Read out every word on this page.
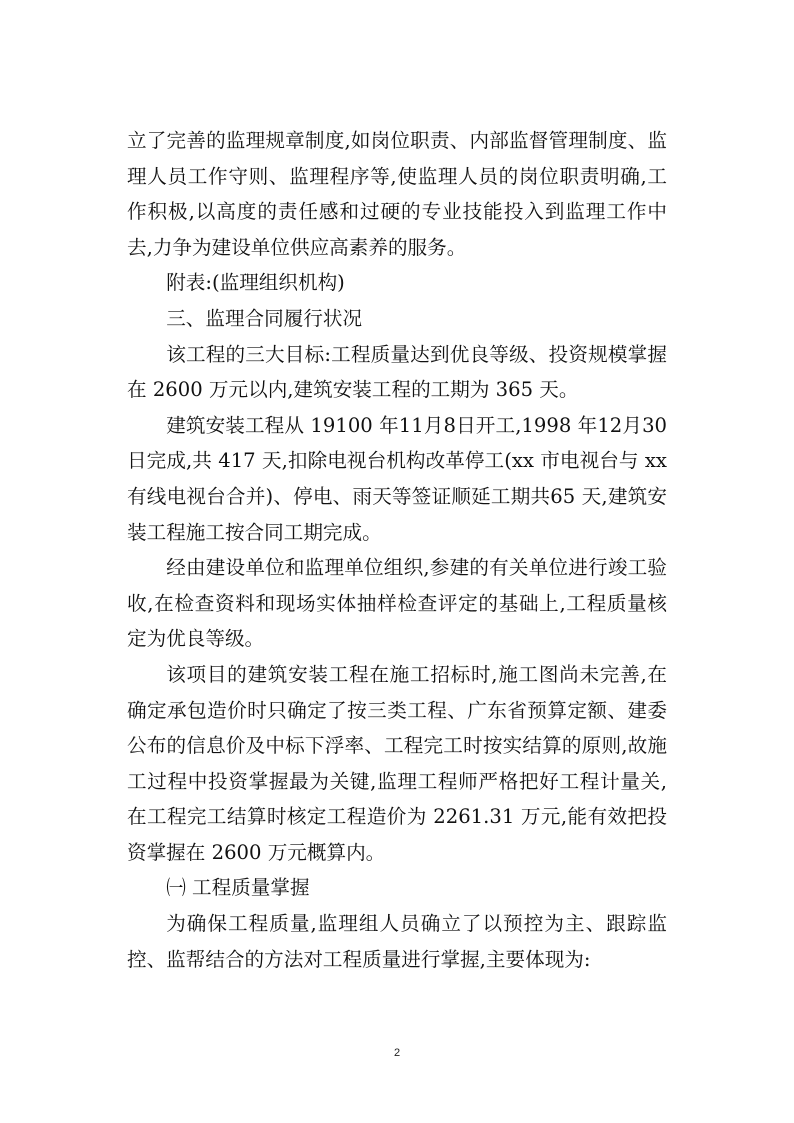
立了完善的监理规章制度,如岗位职责、内部监督管理制度、监理人员工作守则、监理程序等,使监理人员的岗位职责明确,工作积极,以高度的责任感和过硬的专业技能投入到监理工作中去,力争为建设单位供应高素养的服务。

附表:(监理组织机构)

三、监理合同履行状况

该工程的三大目标:工程质量达到优良等级、投资规模掌握在 2600 万元以内,建筑安装工程的工期为 365 天。

建筑安装工程从 19100 年11月8日开工,1998 年12月30日完成,共 417 天,扣除电视台机构改革停工(xx 市电视台与 xx有线电视台合并)、停电、雨天等签证顺延工期共65 天,建筑安装工程施工按合同工期完成。

经由建设单位和监理单位组织,参建的有关单位进行竣工验收,在检查资料和现场实体抽样检查评定的基础上,工程质量核定为优良等级。

该项目的建筑安装工程在施工招标时,施工图尚未完善,在确定承包造价时只确定了按三类工程、广东省预算定额、建委公布的信息价及中标下浮率、工程完工时按实结算的原则,故施工过程中投资掌握最为关键,监理工程师严格把好工程计量关,在工程完工结算时核定工程造价为 2261.31 万元,能有效把投资掌握在 2600 万元概算内。

㈠ 工程质量掌握

为确保工程质量,监理组人员确立了以预控为主、跟踪监控、监帮结合的方法对工程质量进行掌握,主要体现为:

2
